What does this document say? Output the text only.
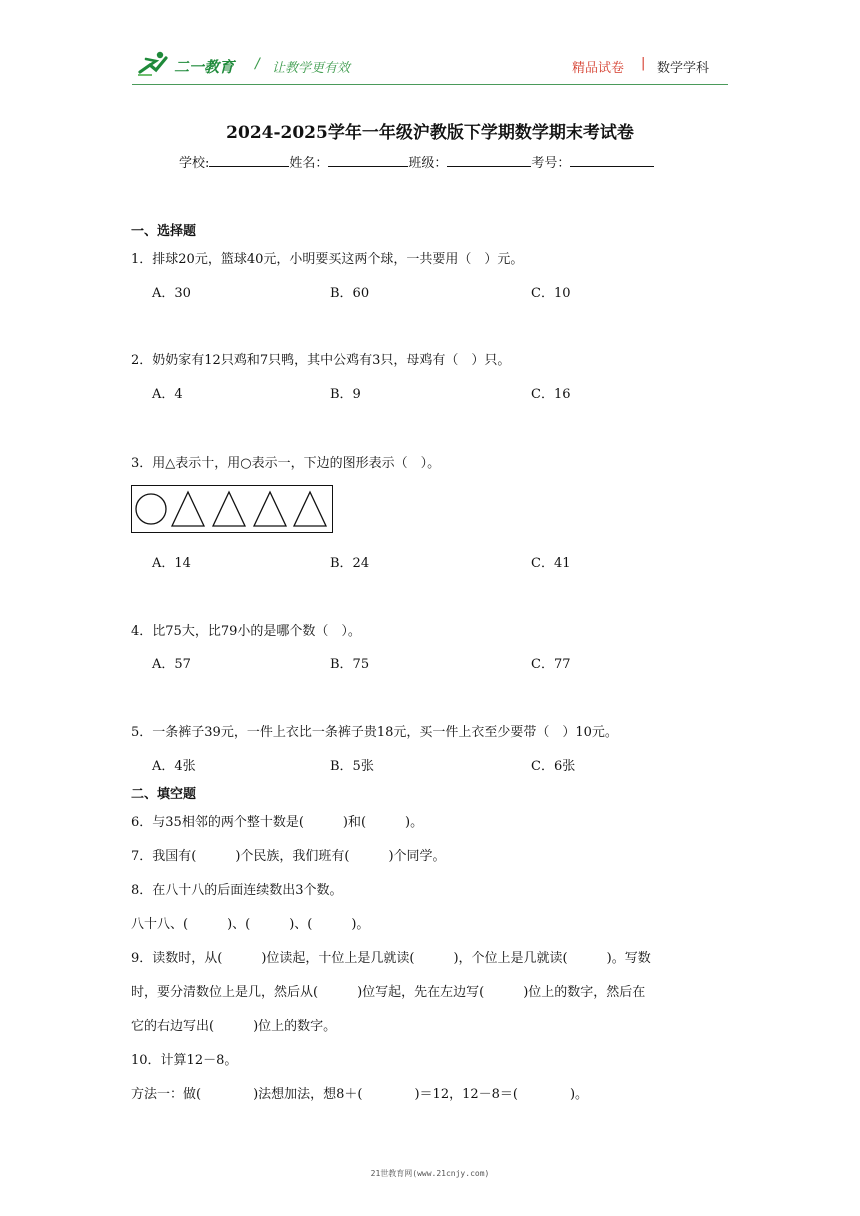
二一教育 / 让教学更有效	精品试卷 | 数学学科
2024-2025学年一年级沪教版下学期数学期末考试卷
学校:	姓名：	班级：	考号：
一、选择题
1．排球20元，篮球40元，小明要买这两个球，一共要用（　）元。
A．30	B．60	C．10
2．奶奶家有12只鸡和7只鸭，其中公鸡有3只，母鸡有（　）只。
A．4	B．9	C．16
3．用△表示十，用○表示一，下边的图形表示（　）。
A．14	B．24	C．41
4．比75大，比79小的是哪个数（　）。
A．57	B．75	C．77
5．一条裤子39元，一件上衣比一条裤子贵18元，买一件上衣至少要带（　）10元。
A．4张	B．5张	C．6张
二、填空题
6．与35相邻的两个整十数是(　　　)和(　　　)。
7．我国有(　　　)个民族，我们班有(　　　)个同学。
8．在八十八的后面连续数出3个数。
八十八、(　　　)、(　　　)、(　　　)。
9．读数时，从(　　　)位读起，十位上是几就读(　　　)，个位上是几就读(　　　)。写数
时，要分清数位上是几，然后从(　　　)位写起，先在左边写(　　　)位上的数字，然后在
它的右边写出(　　　)位上的数字。
10．计算12－8。
方法一：做(　　　　)法想加法，想8＋(　　　　)＝12，12－8＝(　　　　)。
21世教育网(www.21cnjy.com)
